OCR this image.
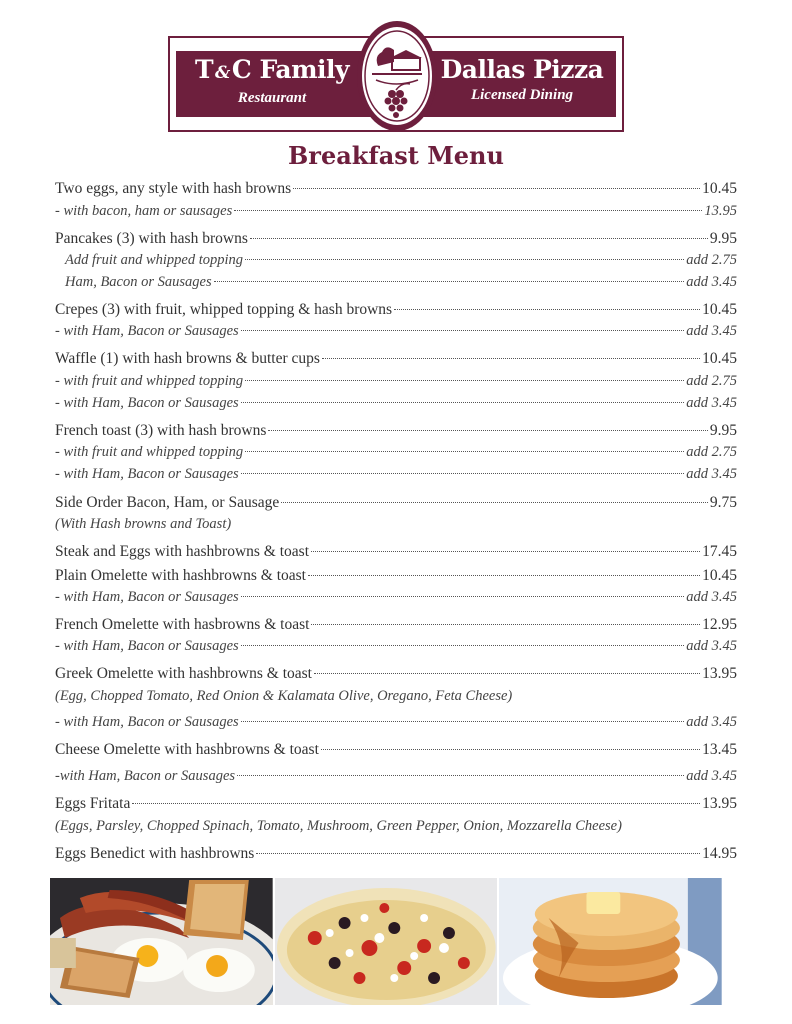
T &C Family
Restaurant
Dallas Pizza
Licensed Dining
Breakfast Menu
Two eggs, any style with hash browns	10.45
- with bacon, ham or sausages	13.95
Pancakes (3) with hash browns	9.95
Add fruit and whipped topping	add 2.75
Ham, Bacon or Sausages	add 3.45
Crepes (3) with fruit, whipped topping & hash browns	10.45
- with Ham, Bacon or Sausages	add 3.45
Waffle (1) with hash browns & butter cups	10.45
- with fruit and whipped topping	add 2.75
- with Ham, Bacon or Sausages	add 3.45
French toast (3) with hash browns	9.95
- with fruit and whipped topping	add 2.75
- with Ham, Bacon or Sausages	add 3.45
Side Order Bacon, Ham, or Sausage	9.75
(With Hash browns and Toast)
Steak and Eggs with hashbrowns & toast	17.45
Plain Omelette with hashbrowns & toast	10.45
- with Ham, Bacon or Sausages	add 3.45
French Omelette with hasbrowns & toast	12.95
- with Ham, Bacon or Sausages	add 3.45
Greek Omelette with hashbrowns & toast	13.95
(Egg, Chopped Tomato, Red Onion & Kalamata Olive, Oregano, Feta Cheese)
- with Ham, Bacon or Sausages	add 3.45
Cheese Omelette with hashbrowns & toast	13.45
-with Ham, Bacon or Sausages	add 3.45
Eggs Fritata	13.95
(Eggs, Parsley, Chopped Spinach, Tomato, Mushroom, Green Pepper, Onion, Mozzarella Cheese)
Eggs Benedict with hashbrowns	14.95
